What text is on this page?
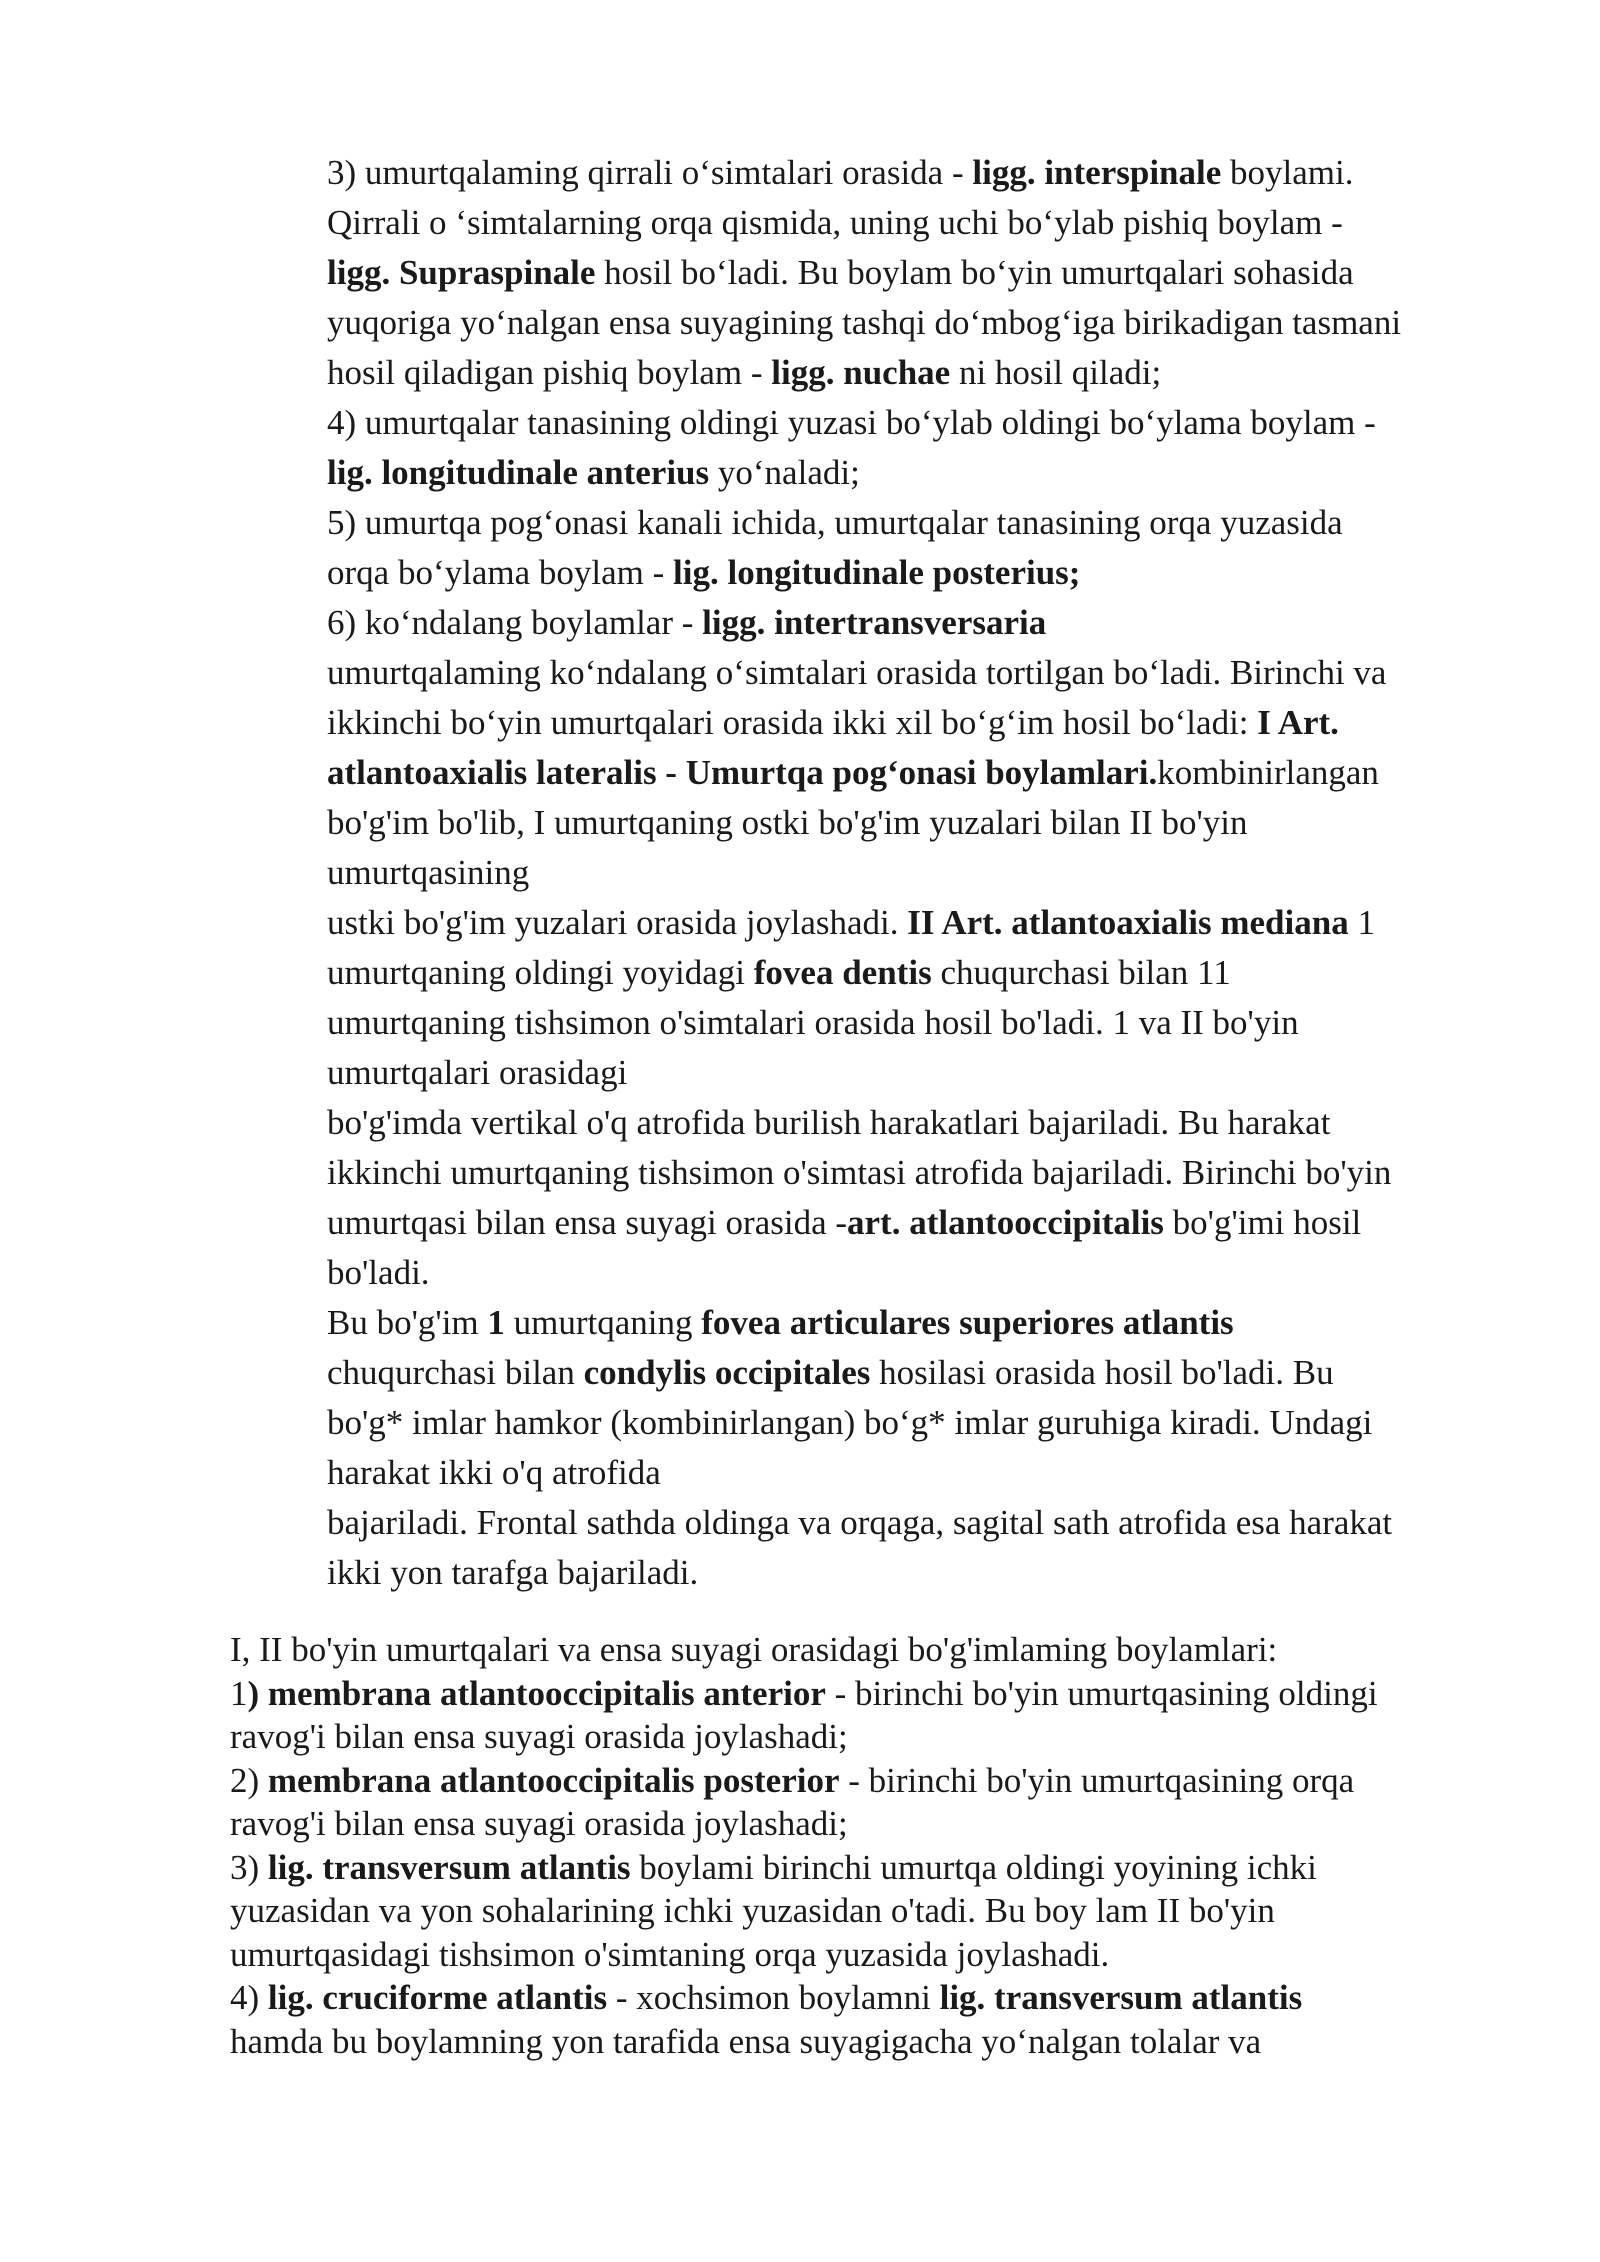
3) umurtqalaming qirrali o‘simtalari orasida - ligg. interspinale boylami.
Qirrali o ‘simtalarning orqa qismida, uning uchi bo‘ylab pishiq boylam -
ligg. Supraspinale hosil bo‘ladi. Bu boylam bo‘yin umurtqalari sohasida
yuqoriga yo‘nalgan ensa suyagining tashqi do‘mbog‘iga birikadigan tasmani
hosil qiladigan pishiq boylam - ligg. nuchae ni hosil qiladi;
4) umurtqalar tanasining oldingi yuzasi bo‘ylab oldingi bo‘ylama boylam -
lig. longitudinale anterius yo‘naladi;
5) umurtqa pog‘onasi kanali ichida, umurtqalar tanasining orqa yuzasida
orqa bo‘ylama boylam - lig. longitudinale posterius;
6) ko‘ndalang boylamlar - ligg. intertransversaria
umurtqalaming ko‘ndalang o‘simtalari orasida tortilgan bo‘ladi. Birinchi va
ikkinchi bo‘yin umurtqalari orasida ikki xil bo‘g‘im hosil bo‘ladi: I Art.
atlantoaxialis lateralis - Umurtqa pog‘onasi boylamlari.kombinirlangan
bo'g'im bo'lib, I umurtqaning ostki bo'g'im yuzalari bilan II bo'yin
umurtqasining
ustki bo'g'im yuzalari orasida joylashadi. II Art. atlantoaxialis mediana 1
umurtqaning oldingi yoyidagi fovea dentis chuqurchasi bilan 11
umurtqaning tishsimon o'simtalari orasida hosil bo'ladi. 1 va II bo'yin
umurtqalari orasidagi
bo'g'imda vertikal o'q atrofida burilish harakatlari bajariladi. Bu harakat
ikkinchi umurtqaning tishsimon o'simtasi atrofida bajariladi. Birinchi bo'yin
umurtqasi bilan ensa suyagi orasida -art. atlantooccipitalis bo'g'imi hosil
bo'ladi.
Bu bo'g'im 1 umurtqaning fovea articulares superiores atlantis
chuqurchasi bilan condylis occipitales hosilasi orasida hosil bo'ladi. Bu
bo'g* imlar hamkor (kombinirlangan) bo‘g* imlar guruhiga kiradi. Undagi
harakat ikki o'q atrofida
bajariladi. Frontal sathda oldinga va orqaga, sagital sath atrofida esa harakat
ikki yon tarafga bajariladi.
I, II bo'yin umurtqalari va ensa suyagi orasidagi bo'g'imlaming boylamlari:
1) membrana atlantooccipitalis anterior - birinchi bo'yin umurtqasining oldingi
ravog'i bilan ensa suyagi orasida joylashadi;
2) membrana atlantooccipitalis posterior - birinchi bo'yin umurtqasining orqa
ravog'i bilan ensa suyagi orasida joylashadi;
3) lig. transversum atlantis boylami birinchi umurtqa oldingi yoyining ichki
yuzasidan va yon sohalarining ichki yuzasidan o'tadi. Bu boy lam II bo'yin
umurtqasidagi tishsimon o'simtaning orqa yuzasida joylashadi.
4) lig. cruciforme atlantis - xochsimon boylamni lig. transversum atlantis
hamda bu boylamning yon tarafida ensa suyagigacha yo‘nalgan tolalar va
